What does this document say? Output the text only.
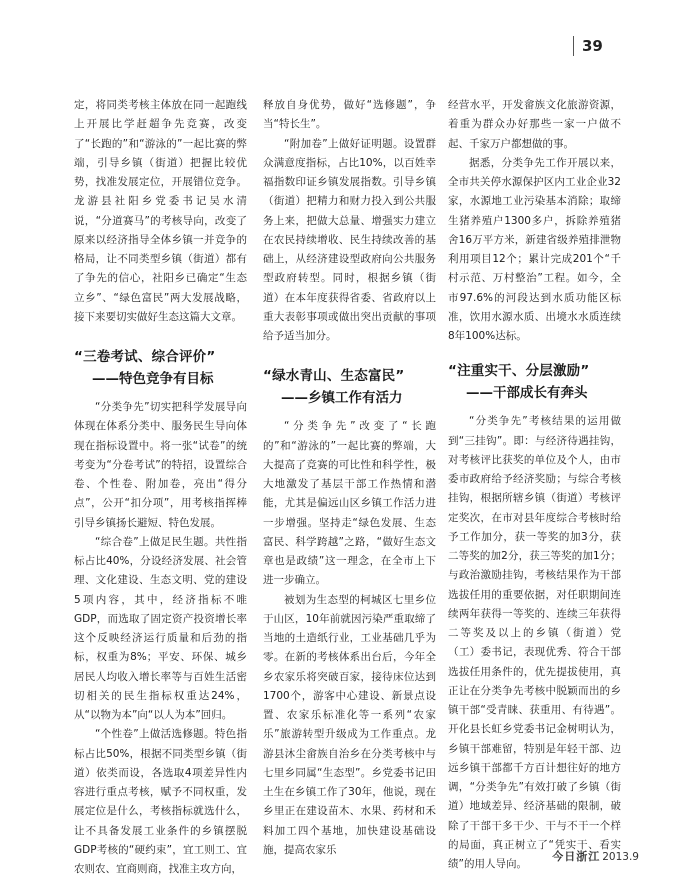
39

定，将同类考核主体放在同一起跑线上开展比学赶超争先竞赛，改变了“长跑的”和“游泳的”一起比赛的弊端，引导乡镇（街道）把握比较优势，找准发展定位，开展错位竞争。龙游县社阳乡党委书记吴水清说，“分道赛马”的考核导向，改变了原来以经济指导全体乡镇一并竞争的格局，让不同类型乡镇（街道）都有了争先的信心，社阳乡已确定“生态立乡”、“绿色富民”两大发展战略，接下来要切实做好生态这篇大文章。

“三卷考试、综合评价”
——特色竞争有目标

“分类争先”切实把科学发展导向体现在体系分类中、服务民生导向体现在指标设置中。将一张“试卷”的统考变为“分卷考试”的特招，设置综合卷、个性卷、附加卷，亮出“得分点”，公开“扣分项”，用考核指挥棒引导乡镇扬长避短、特色发展。

“综合卷”上做足民生题。共性指标占比40%，分设经济发展、社会管理、文化建设、生态文明、党的建设5项内容，其中，经济指标不唯GDP，而选取了固定资产投资增长率这个反映经济运行质量和后劲的指标，权重为8%；平安、环保、城乡居民人均收入增长率等与百姓生活密切相关的民生指标权重达24%，从“以物为本”向“以人为本”回归。

“个性卷”上做活选修题。特色指标占比50%，根据不同类型乡镇（街道）依类而设，各选取4项差异性内容进行重点考核，赋予不同权重，发展定位是什么，考核指标就选什么，让不具备发展工业条件的乡镇摆脱GDP考核的“硬约束”，宜工则工、宜农则农、宜商则商，找准主攻方向，

释放自身优势，做好“选修题”，争当“特长生”。

“附加卷”上做好证明题。设置群众满意度指标，占比10%，以百姓幸福指数印证乡镇发展指数。引导乡镇（街道）把精力和财力投入到公共服务上来，把做大总量、增强实力建立在农民持续增收、民生持续改善的基础上，从经济建设型政府向公共服务型政府转型。同时，根据乡镇（街道）在本年度获得省委、省政府以上重大表彰事项或做出突出贡献的事项给予适当加分。

“绿水青山、生态富民”
——乡镇工作有活力

“分类争先”改变了“长跑的”和“游泳的”一起比赛的弊端，大大提高了竞赛的可比性和科学性，极大地激发了基层干部工作热情和潜能，尤其是偏远山区乡镇工作活力进一步增强。坚持走“绿色发展、生态富民、科学跨越”之路，“做好生态文章也是政绩”这一理念，在全市上下进一步确立。

被划为生态型的柯城区七里乡位于山区，10年前就因污染严重取缔了当地的土造纸行业，工业基础几乎为零。在新的考核体系出台后，今年全乡农家乐将突破百家，接待床位达到1700个，游客中心建设、新景点设置、农家乐标准化等一系列“农家乐”旅游转型升级成为工作重点。龙游县沐尘畲族自治乡在分类考核中与七里乡同属“生态型”。乡党委书记田土生在乡镇工作了30年，他说，现在乡里正在建设苗木、水果、药材和禾料加工四个基地，加快建设基础设施，提高农家乐

经营水平，开发畲族文化旅游资源，着重为群众办好那些一家一户做不起、千家万户都想做的事。

据悉，分类争先工作开展以来，全市共关停水源保护区内工业企业32家，水源地工业污染基本消除；取缔生猪养殖户1300多户，拆除养殖猪舍16万平方米，新建省级养殖排泄物利用项目12个；累计完成201个“千村示范、万村整治”工程。如今，全市97.6%的河段达到水质功能区标准，饮用水源水质、出境水水质连续8年100%达标。

“注重实干、分层激励”
——干部成长有奔头

“分类争先”考核结果的运用做到“三挂钩”。即：与经济待遇挂钩，对考核评比获奖的单位及个人，由市委市政府给予经济奖励；与综合考核挂钩，根据所辖乡镇（街道）考核评定奖次，在市对县年度综合考核时给予工作加分，获一等奖的加3分，获二等奖的加2分，获三等奖的加1分；与政治激励挂钩，考核结果作为干部选拔任用的重要依据，对任职期间连续两年获得一等奖的、连续三年获得二等奖及以上的乡镇（街道）党（工）委书记，表现优秀、符合干部选拔任用条件的，优先提拔使用，真正让在分类争先考核中脱颖而出的乡镇干部“受青睐、获重用、有待遇”。开化县长虹乡党委书记金树明认为，乡镇干部难留，特别是年轻干部、边远乡镇干部都千方百计想往好的地方调，“分类争先”有效打破了乡镇（街道）地域差异、经济基础的限制，破除了干部干多干少、干与不干一个样的局面，真正树立了“凭实干、看实绩”的用人导向。

今日浙江 2013.9
